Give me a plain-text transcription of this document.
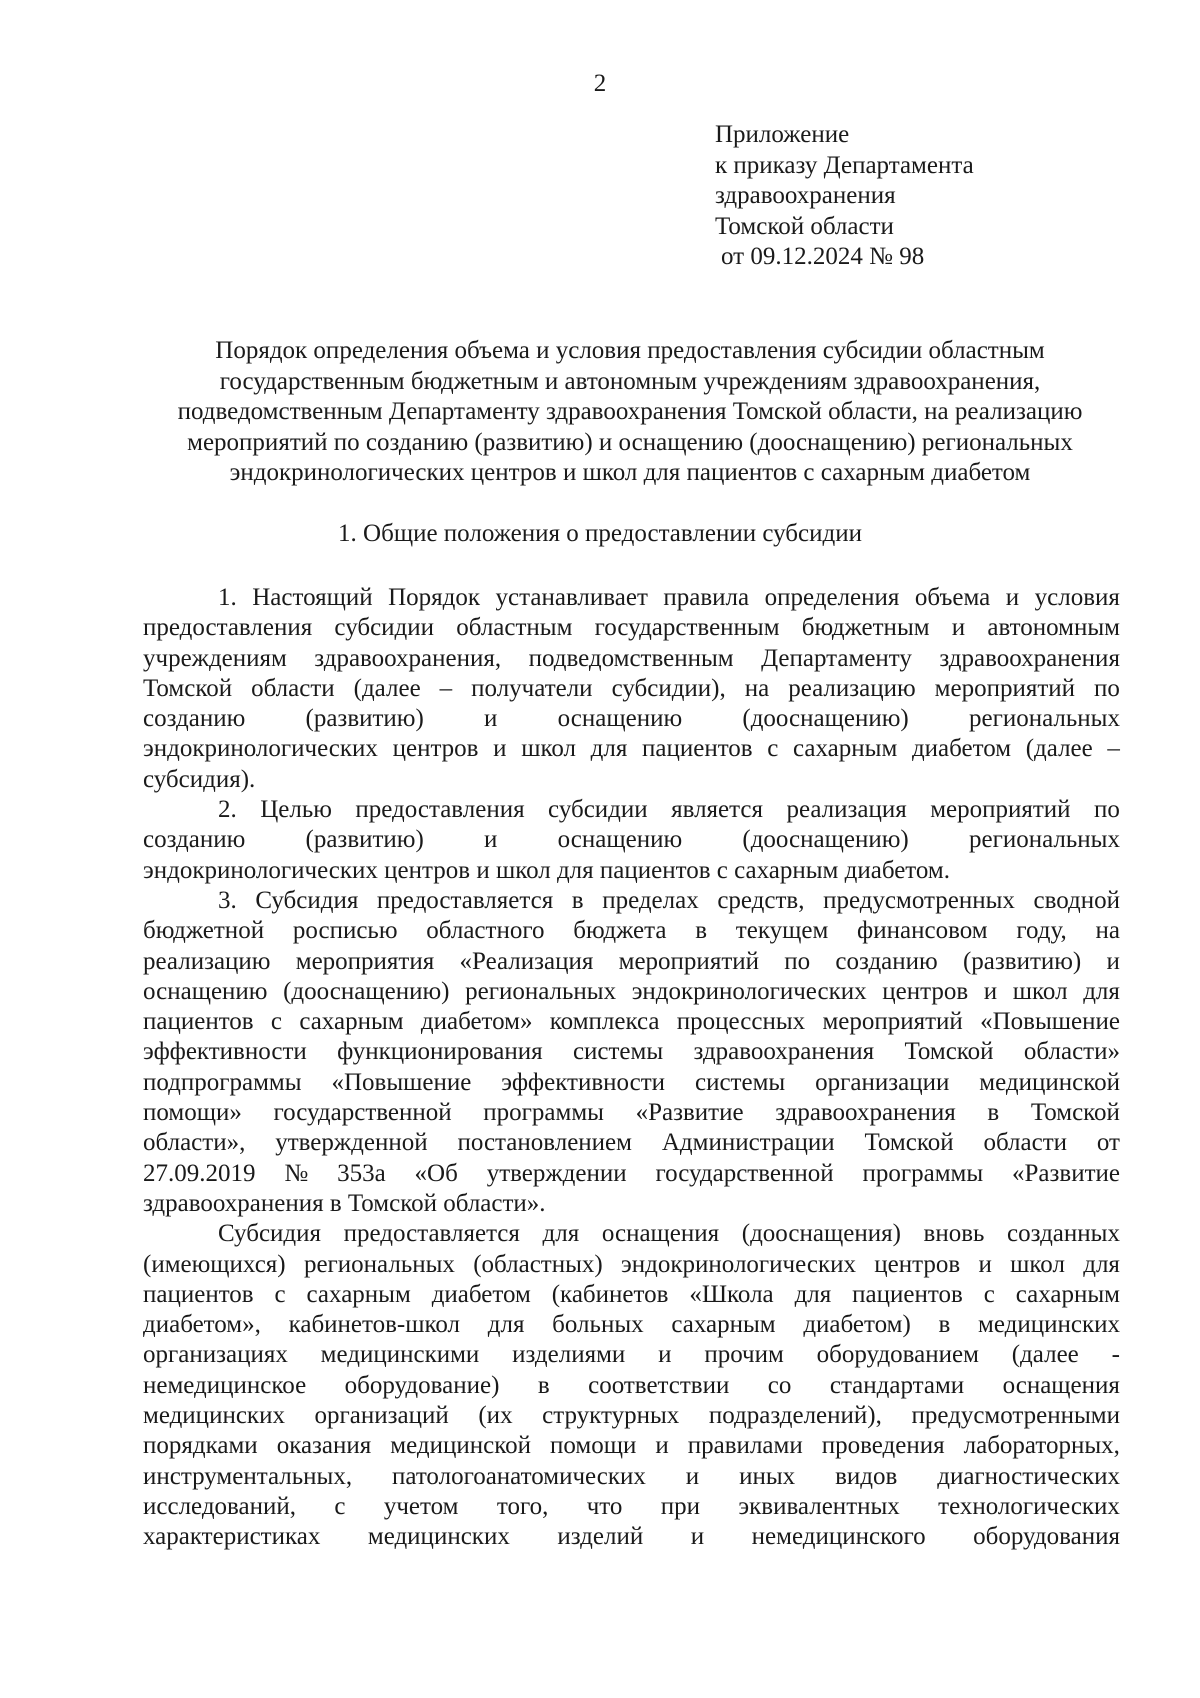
2
Приложение
к приказу Департамента
здравоохранения
Томской области
от 09.12.2024 № 98
Порядок определения объема и условия предоставления субсидии областным
государственным бюджетным и автономным учреждениям здравоохранения,
подведомственным Департаменту здравоохранения Томской области, на реализацию
мероприятий по созданию (развитию) и оснащению (дооснащению) региональных
эндокринологических центров и школ для пациентов с сахарным диабетом
1. Общие положения о предоставлении субсидии
1. Настоящий Порядок устанавливает правила определения объема и условия
предоставления субсидии областным государственным бюджетным и автономным
учреждениям здравоохранения, подведомственным Департаменту здравоохранения
Томской области (далее – получатели субсидии), на реализацию мероприятий по
созданию (развитию) и оснащению (дооснащению) региональных
эндокринологических центров и школ для пациентов с сахарным диабетом (далее –
субсидия).
2. Целью предоставления субсидии является реализация мероприятий по
созданию (развитию) и оснащению (дооснащению) региональных
эндокринологических центров и школ для пациентов с сахарным диабетом.
3. Субсидия предоставляется в пределах средств, предусмотренных сводной
бюджетной росписью областного бюджета в текущем финансовом году, на
реализацию мероприятия «Реализация мероприятий по созданию (развитию) и
оснащению (дооснащению) региональных эндокринологических центров и школ для
пациентов с сахарным диабетом» комплекса процессных мероприятий «Повышение
эффективности функционирования системы здравоохранения Томской области»
подпрограммы «Повышение эффективности системы организации медицинской
помощи» государственной программы «Развитие здравоохранения в Томской
области», утвержденной постановлением Администрации Томской области от
27.09.2019 № 353а «Об утверждении государственной программы «Развитие
здравоохранения в Томской области».
Субсидия предоставляется для оснащения (дооснащения) вновь созданных
(имеющихся) региональных (областных) эндокринологических центров и школ для
пациентов с сахарным диабетом (кабинетов «Школа для пациентов с сахарным
диабетом», кабинетов-школ для больных сахарным диабетом) в медицинских
организациях медицинскими изделиями и прочим оборудованием (далее -
немедицинское оборудование) в соответствии со стандартами оснащения
медицинских организаций (их структурных подразделений), предусмотренными
порядками оказания медицинской помощи и правилами проведения лабораторных,
инструментальных, патологоанатомических и иных видов диагностических
исследований, с учетом того, что при эквивалентных технологических
характеристиках медицинских изделий и немедицинского оборудования
